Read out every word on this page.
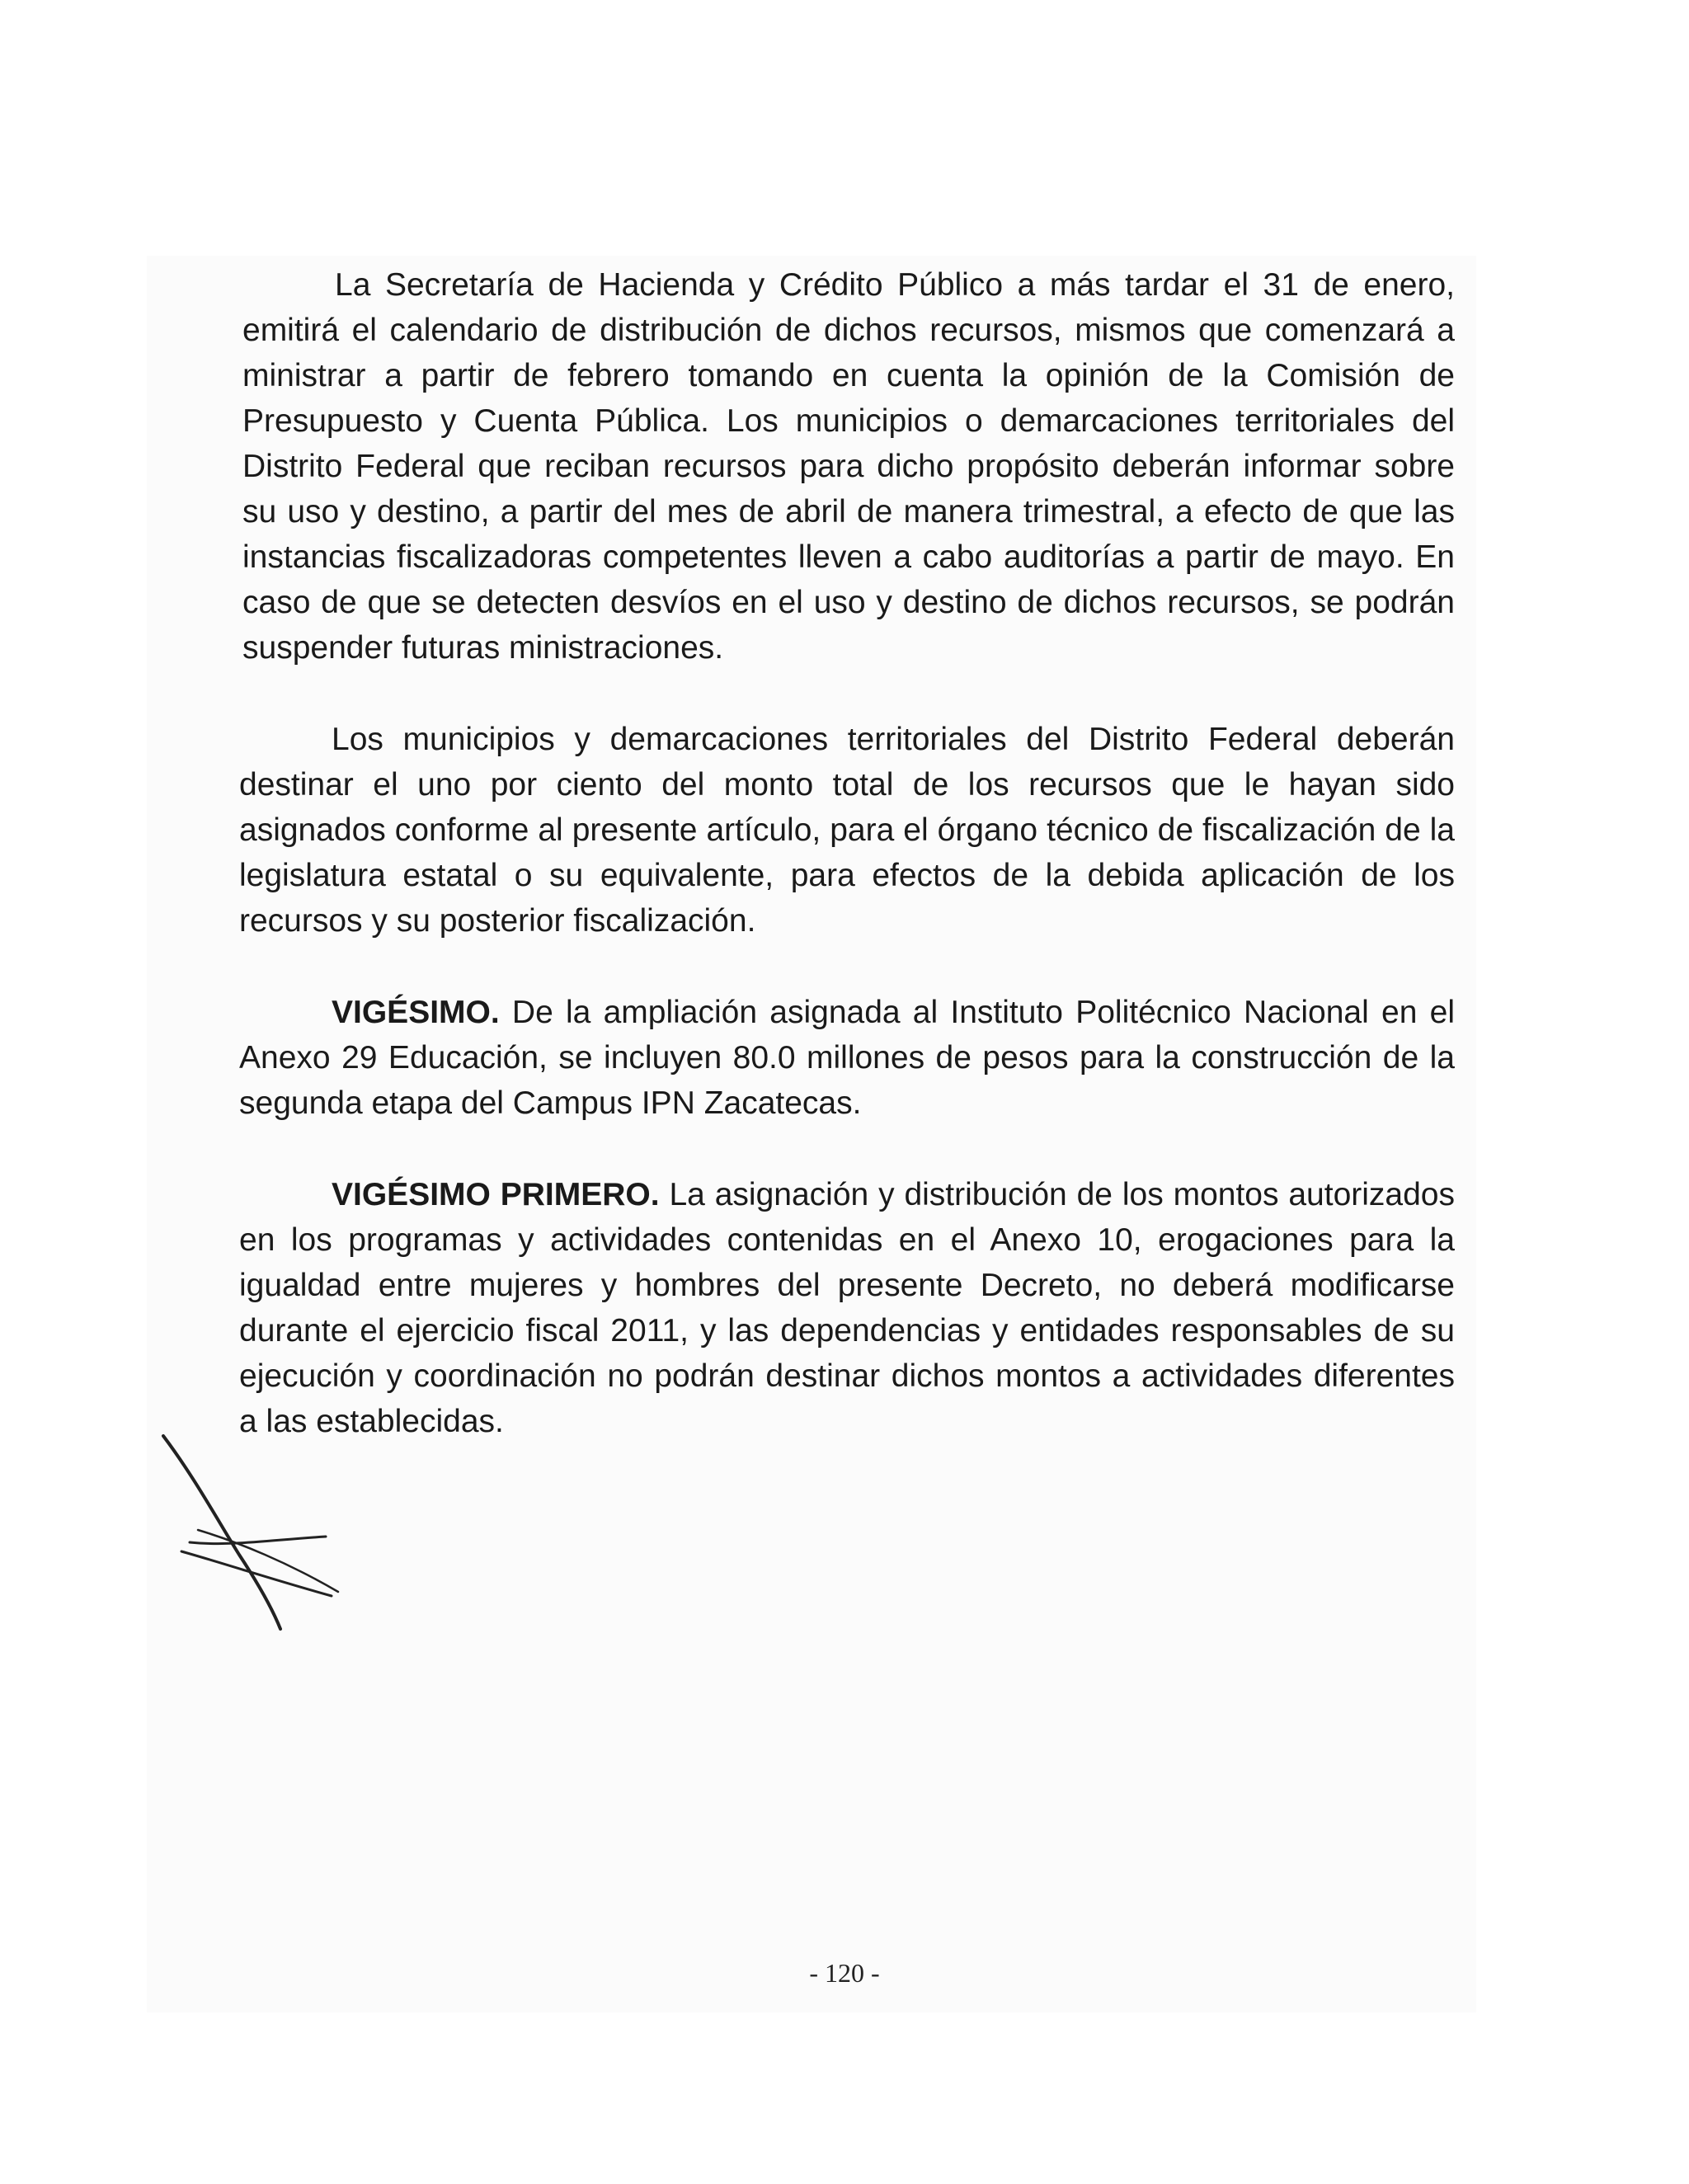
La Secretaría de Hacienda y Crédito Público a más tardar el 31 de enero, emitirá el calendario de distribución de dichos recursos, mismos que comenzará a ministrar a partir de febrero tomando en cuenta la opinión de la Comisión de Presupuesto y Cuenta Pública. Los municipios o demarcaciones territoriales del Distrito Federal que reciban recursos para dicho propósito deberán informar sobre su uso y destino, a partir del mes de abril de manera trimestral, a efecto de que las instancias fiscalizadoras competentes lleven a cabo auditorías a partir de mayo. En caso de que se detecten desvíos en el uso y destino de dichos recursos, se podrán suspender futuras ministraciones.

Los municipios y demarcaciones territoriales del Distrito Federal deberán destinar el uno por ciento del monto total de los recursos que le hayan sido asignados conforme al presente artículo, para el órgano técnico de fiscalización de la legislatura estatal o su equivalente, para efectos de la debida aplicación de los recursos y su posterior fiscalización.

VIGÉSIMO. De la ampliación asignada al Instituto Politécnico Nacional en el Anexo 29 Educación, se incluyen 80.0 millones de pesos para la construcción de la segunda etapa del Campus IPN Zacatecas.

VIGÉSIMO PRIMERO. La asignación y distribución de los montos autorizados en los programas y actividades contenidas en el Anexo 10, erogaciones para la igualdad entre mujeres y hombres del presente Decreto, no deberá modificarse durante el ejercicio fiscal 2011, y las dependencias y entidades responsables de su ejecución y coordinación no podrán destinar dichos montos a actividades diferentes a las establecidas.

- 120 -
